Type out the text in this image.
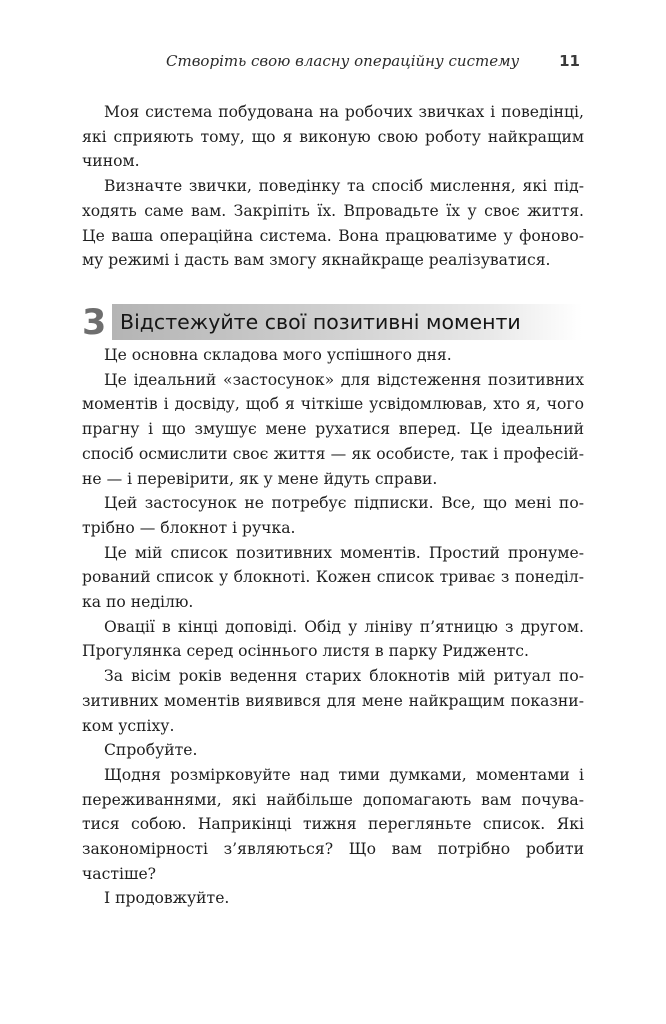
Створіть свою власну операційну систему	11

Моя система побудована на робочих звичках і поведінці, які сприяють тому, що я виконую свою роботу найкращим чином.

Визначте звички, поведінку та спосіб мислення, які підходять саме вам. Закріпіть їх. Впровадьте їх у своє життя. Це ваша операційна система. Вона працюватиме у фоновому режимі і дасть вам змогу якнайкраще реалізуватися.

3 Відстежуйте свої позитивні моменти

Це основна складова мого успішного дня.

Це ідеальний «застосунок» для відстеження позитивних моментів і досвіду, щоб я чіткіше усвідомлював, хто я, чого прагну і що змушує мене рухатися вперед. Це ідеальний спосіб осмислити своє життя — як особисте, так і професійне — і перевірити, як у мене йдуть справи.

Цей застосунок не потребує підписки. Все, що мені потрібно — блокнот і ручка.

Це мій список позитивних моментів. Простий пронумерований список у блокноті. Кожен список триває з понеділка по неділю.

Овації в кінці доповіді. Обід у лініву п’ятницю з другом. Прогулянка серед осіннього листя в парку Риджентс.

За вісім років ведення старих блокнотів мій ритуал позитивних моментів виявився для мене найкращим показником успіху.

Спробуйте.

Щодня розмірковуйте над тими думками, моментами і переживаннями, які найбільше допомагають вам почуватися собою. Наприкінці тижня перегляньте список. Які закономірності з’являються? Що вам потрібно робити частіше?

І продовжуйте.
